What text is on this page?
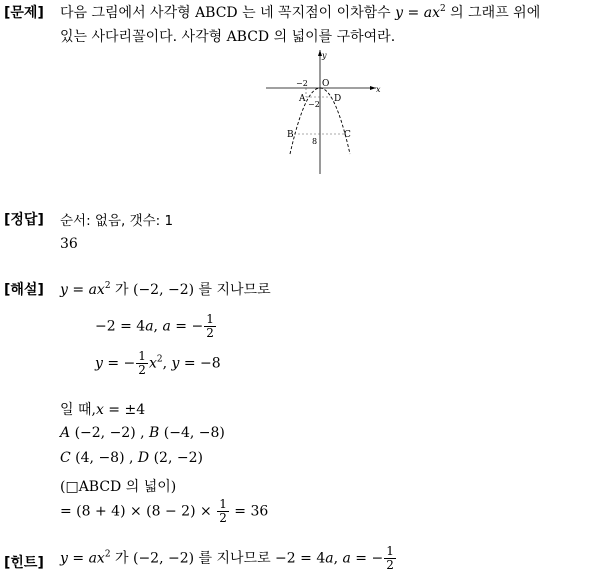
[문제] 다음 그림에서 사각형 ABCD 는 네 꼭지점이 이차함수 $y = ax^2$ 의 그래프 위에
있는 사다리꼴이다. 사각형 ABCD 의 넓이를 구하여라.
y
x
O
−2
A	D
−2
B
8
C
[정답] 순서: 없음, 갯수: 1
36
[해설] $y = ax^2$ 가 (−2, −2) 를 지나므로
−2 = 4a, a = − $\frac{1}{2}$
y = − $\frac{1}{2} x^2$, y = −8
일 때,x = ±4
A (−2, −2) , B (−4, −8)
C (4, −8) , D (2, −2)
(□ABCD 의 넓이)
= $(8 + 4) \times (8 - 2) \times \frac{1}{2} = 36$
[힌트] $y = ax^2$ 가 (−2, −2) 를 지나므로 −2 = 4a, a = − $\frac{1}{2}$
